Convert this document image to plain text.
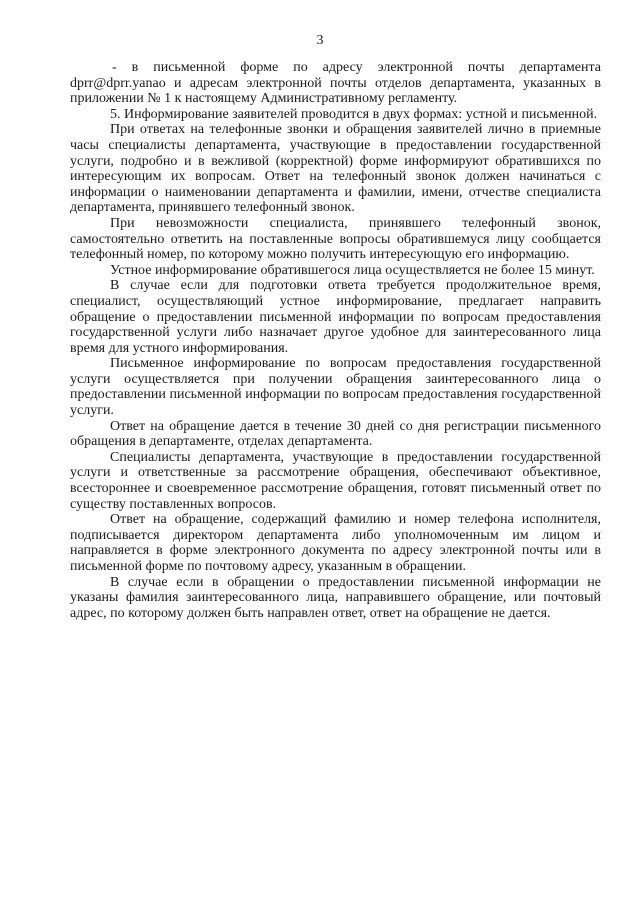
3

- в письменной форме по адресу электронной почты департамента dprr@dprr.yanao и адресам электронной почты отделов департамента, указанных в приложении № 1 к настоящему Административному регламенту.

5. Информирование заявителей проводится в двух формах: устной и письменной.

При ответах на телефонные звонки и обращения заявителей лично в приемные часы специалисты департамента, участвующие в предоставлении государственной услуги, подробно и в вежливой (корректной) форме информируют обратившихся по интересующим их вопросам. Ответ на телефонный звонок должен начинаться с информации о наименовании департамента и фамилии, имени, отчестве специалиста департамента, принявшего телефонный звонок.

При невозможности специалиста, принявшего телефонный звонок, самостоятельно ответить на поставленные вопросы обратившемуся лицу сообщается телефонный номер, по которому можно получить интересующую его информацию.

Устное информирование обратившегося лица осуществляется не более 15 минут.

В случае если для подготовки ответа требуется продолжительное время, специалист, осуществляющий устное информирование, предлагает направить обращение о предоставлении письменной информации по вопросам предоставления государственной услуги либо назначает другое удобное для заинтересованного лица время для устного информирования.

Письменное информирование по вопросам предоставления государственной услуги осуществляется при получении обращения заинтересованного лица о предоставлении письменной информации по вопросам предоставления государственной услуги.

Ответ на обращение дается в течение 30 дней со дня регистрации письменного обращения в департаменте, отделах департамента.

Специалисты департамента, участвующие в предоставлении государственной услуги и ответственные за рассмотрение обращения, обеспечивают объективное, всестороннее и своевременное рассмотрение обращения, готовят письменный ответ по существу поставленных вопросов.

Ответ на обращение, содержащий фамилию и номер телефона исполнителя, подписывается директором департамента либо уполномоченным им лицом и направляется в форме электронного документа по адресу электронной почты или в письменной форме по почтовому адресу, указанным в обращении.

В случае если в обращении о предоставлении письменной информации не указаны фамилия заинтересованного лица, направившего обращение, или почтовый адрес, по которому должен быть направлен ответ, ответ на обращение не дается.
